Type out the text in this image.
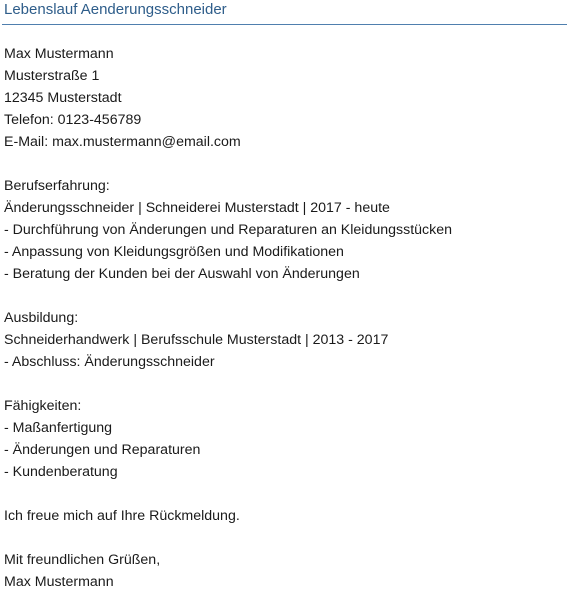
Lebenslauf Aenderungsschneider
Max Mustermann
Musterstraße 1
12345 Musterstadt
Telefon: 0123-456789
E-Mail: max.mustermann@email.com
Berufserfahrung:
Änderungsschneider | Schneiderei Musterstadt | 2017 - heute
- Durchführung von Änderungen und Reparaturen an Kleidungsstücken
- Anpassung von Kleidungsgrößen und Modifikationen
- Beratung der Kunden bei der Auswahl von Änderungen
Ausbildung:
Schneiderhandwerk | Berufsschule Musterstadt | 2013 - 2017
- Abschluss: Änderungsschneider
Fähigkeiten:
- Maßanfertigung
- Änderungen und Reparaturen
- Kundenberatung
Ich freue mich auf Ihre Rückmeldung.
Mit freundlichen Grüßen,
Max Mustermann
